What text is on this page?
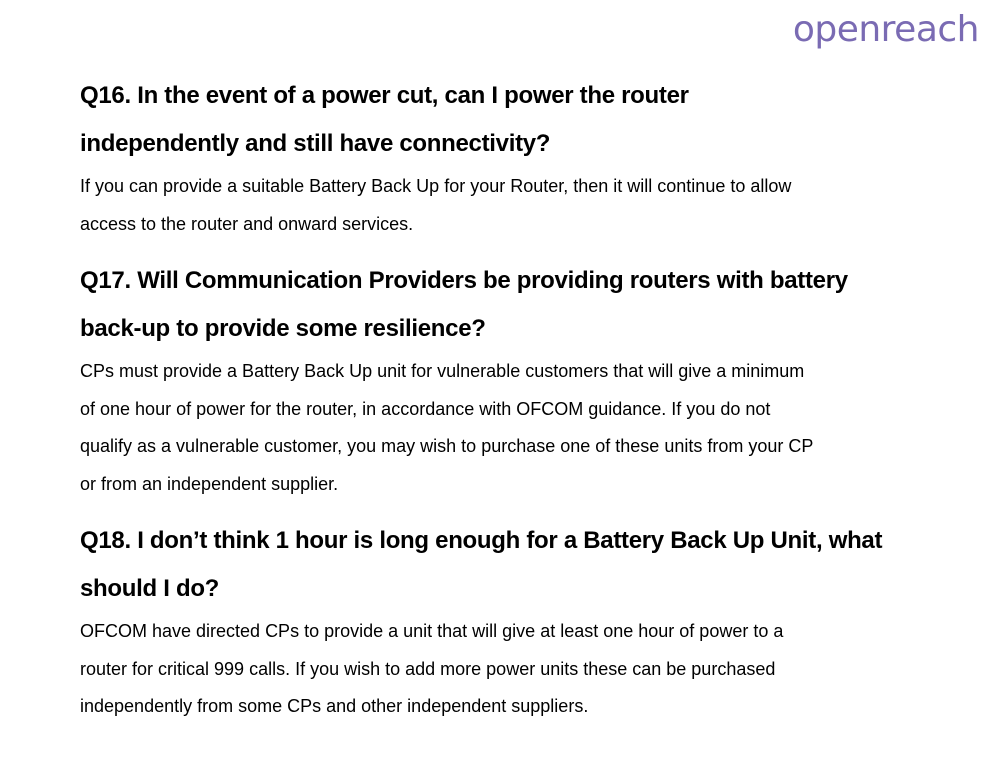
openreach
Q16. In the event of a power cut, can I power the router
independently and still have connectivity?

If you can provide a suitable Battery Back Up for your Router, then it will continue to allow
access to the router and onward services.

Q17. Will Communication Providers be providing routers with battery
back-up to provide some resilience?

CPs must provide a Battery Back Up unit for vulnerable customers that will give a minimum
of one hour of power for the router, in accordance with OFCOM guidance. If you do not
qualify as a vulnerable customer, you may wish to purchase one of these units from your CP
or from an independent supplier.

Q18. I don’t think 1 hour is long enough for a Battery Back Up Unit, what
should I do?

OFCOM have directed CPs to provide a unit that will give at least one hour of power to a
router for critical 999 calls. If you wish to add more power units these can be purchased
independently from some CPs and other independent suppliers.
